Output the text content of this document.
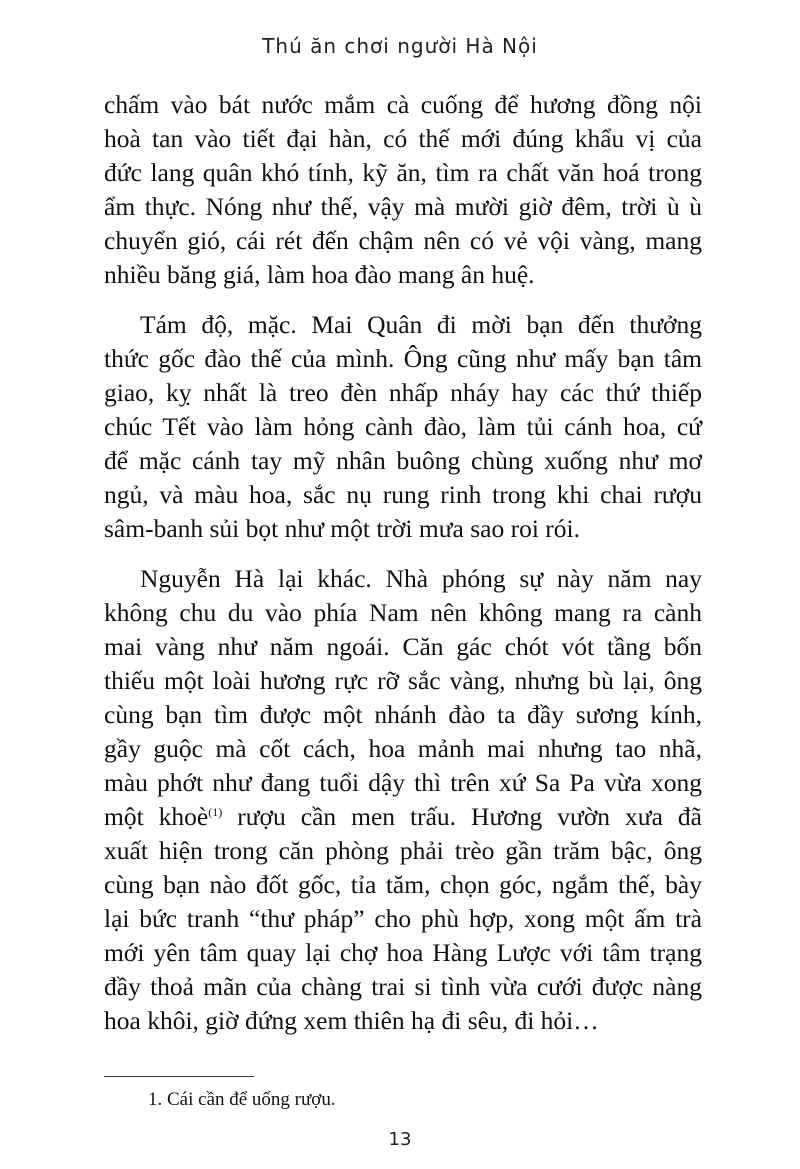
Thú ăn chơi người Hà Nội
chấm vào bát nước mắm cà cuống để hương đồng nội
hoà tan vào tiết đại hàn, có thế mới đúng khẩu vị của
đức lang quân khó tính, kỹ ăn, tìm ra chất văn hoá trong
ẩm thực. Nóng như thế, vậy mà mười giờ đêm, trời ù ù
chuyển gió, cái rét đến chậm nên có vẻ vội vàng, mang
nhiều băng giá, làm hoa đào mang ân huệ.
Tám độ, mặc. Mai Quân đi mời bạn đến thưởng
thức gốc đào thế của mình. Ông cũng như mấy bạn tâm
giao, kỵ nhất là treo đèn nhấp nháy hay các thứ thiếp
chúc Tết vào làm hỏng cành đào, làm tủi cánh hoa, cứ
để mặc cánh tay mỹ nhân buông chùng xuống như mơ
ngủ, và màu hoa, sắc nụ rung rinh trong khi chai rượu
sâm-banh sủi bọt như một trời mưa sao roi rói.
Nguyễn Hà lại khác. Nhà phóng sự này năm nay
không chu du vào phía Nam nên không mang ra cành
mai vàng như năm ngoái. Căn gác chót vót tầng bốn
thiếu một loài hương rực rỡ sắc vàng, nhưng bù lại, ông
cùng bạn tìm được một nhánh đào ta đầy sương kính,
gầy guộc mà cốt cách, hoa mảnh mai nhưng tao nhã,
màu phớt như đang tuổi dậy thì trên xứ Sa Pa vừa xong
một khoè$^{(1)}$ rượu cần men trấu. Hương vườn xưa đã
xuất hiện trong căn phòng phải trèo gần trăm bậc, ông
cùng bạn nào đốt gốc, tỉa tăm, chọn góc, ngắm thế, bày
lại bức tranh “thư pháp” cho phù hợp, xong một ấm trà
mới yên tâm quay lại chợ hoa Hàng Lược với tâm trạng
đầy thoả mãn của chàng trai si tình vừa cưới được nàng
hoa khôi, giờ đứng xem thiên hạ đi sêu, đi hỏi…
1. Cái cần để uống rượu.
13
